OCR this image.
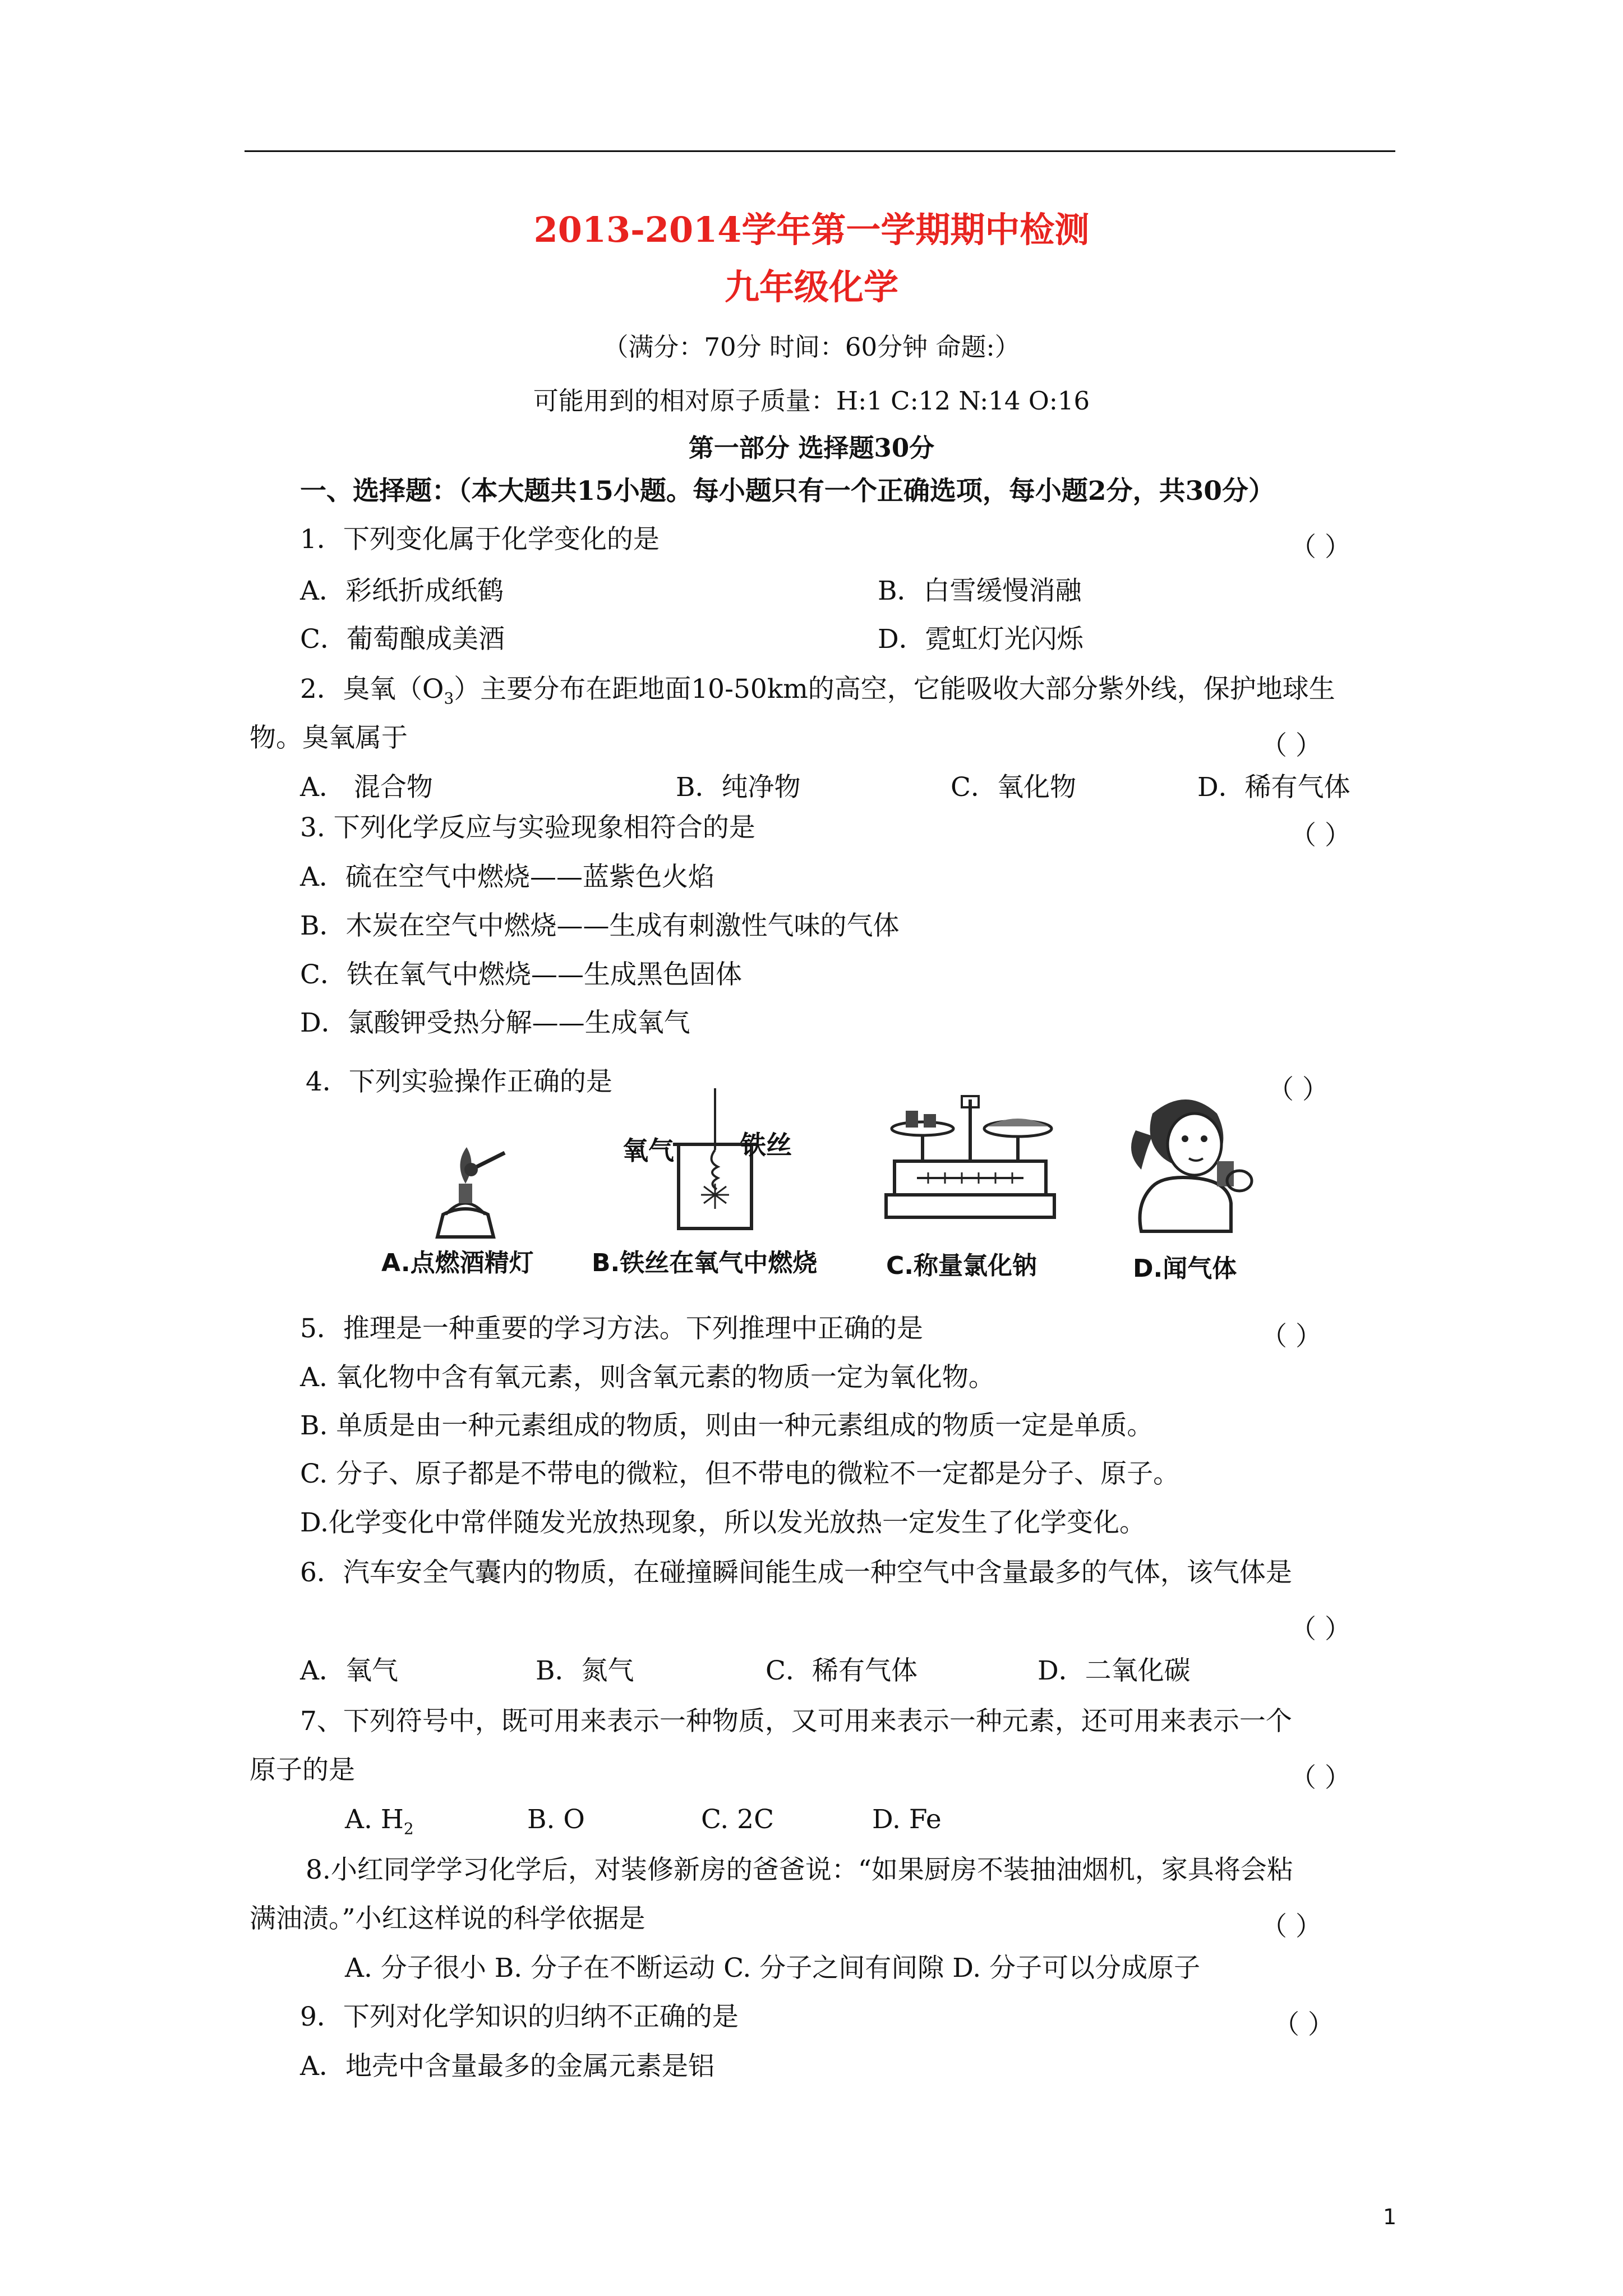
2013-2014学年第一学期期中检测
九年级化学
（满分：70分 时间：60分钟 命题:）
可能用到的相对原子质量：H:1 C:12 N:14 O:16
第一部分 选择题30分
一、选择题：（本大题共15小题。每小题只有一个正确选项，每小题2分，共30分）
1．下列变化属于化学变化的是	（ ）
A．彩纸折成纸鹤	B．白雪缓慢消融
C．葡萄酿成美酒	D．霓虹灯光闪烁
2．臭氧$(O_3)$主要分布在距地面10-50km的高空，它能吸收大部分紫外线，保护地球生
物。臭氧属于	（ ）
A． 混合物	B．纯净物	C．氧化物	D．稀有气体
3. 下列化学反应与实验现象相符合的是	（ ）
A．硫在空气中燃烧——蓝紫色火焰
B．木炭在空气中燃烧——生成有刺激性气味的气体
C．铁在氧气中燃烧——生成黑色固体
D．氯酸钾受热分解——生成氧气
4．下列实验操作正确的是	（ ）
A.点燃酒精灯
氧气	铁丝
B.铁丝在氧气中燃烧	C.称量氯化钠	D.闻气体
5．推理是一种重要的学习方法。下列推理中正确的是	（ ）
A. 氧化物中含有氧元素，则含氧元素的物质一定为氧化物。
B. 单质是由一种元素组成的物质，则由一种元素组成的物质一定是单质。
C. 分子、原子都是不带电的微粒，但不带电的微粒不一定都是分子、原子。
D.化学变化中常伴随发光放热现象，所以发光放热一定发生了化学变化。
6．汽车安全气囊内的物质，在碰撞瞬间能生成一种空气中含量最多的气体，该气体是
（ ）
A．氧气	B．氮气	C．稀有气体	D．二氧化碳
7、下列符号中，既可用来表示一种物质，又可用来表示一种元素，还可用来表示一个
原子的是	（ ）
A. $H_2$	B. O	C. 2C	D. Fe
8.小红同学学习化学后，对装修新房的爸爸说：“如果厨房不装抽油烟机，家具将会粘
满油渍。”小红这样说的科学依据是	（ ）
A. 分子很小 B. 分子在不断运动 C. 分子之间有间隙 D. 分子可以分成原子
9．下列对化学知识的归纳不正确的是	（ ）
A．地壳中含量最多的金属元素是铝
1
